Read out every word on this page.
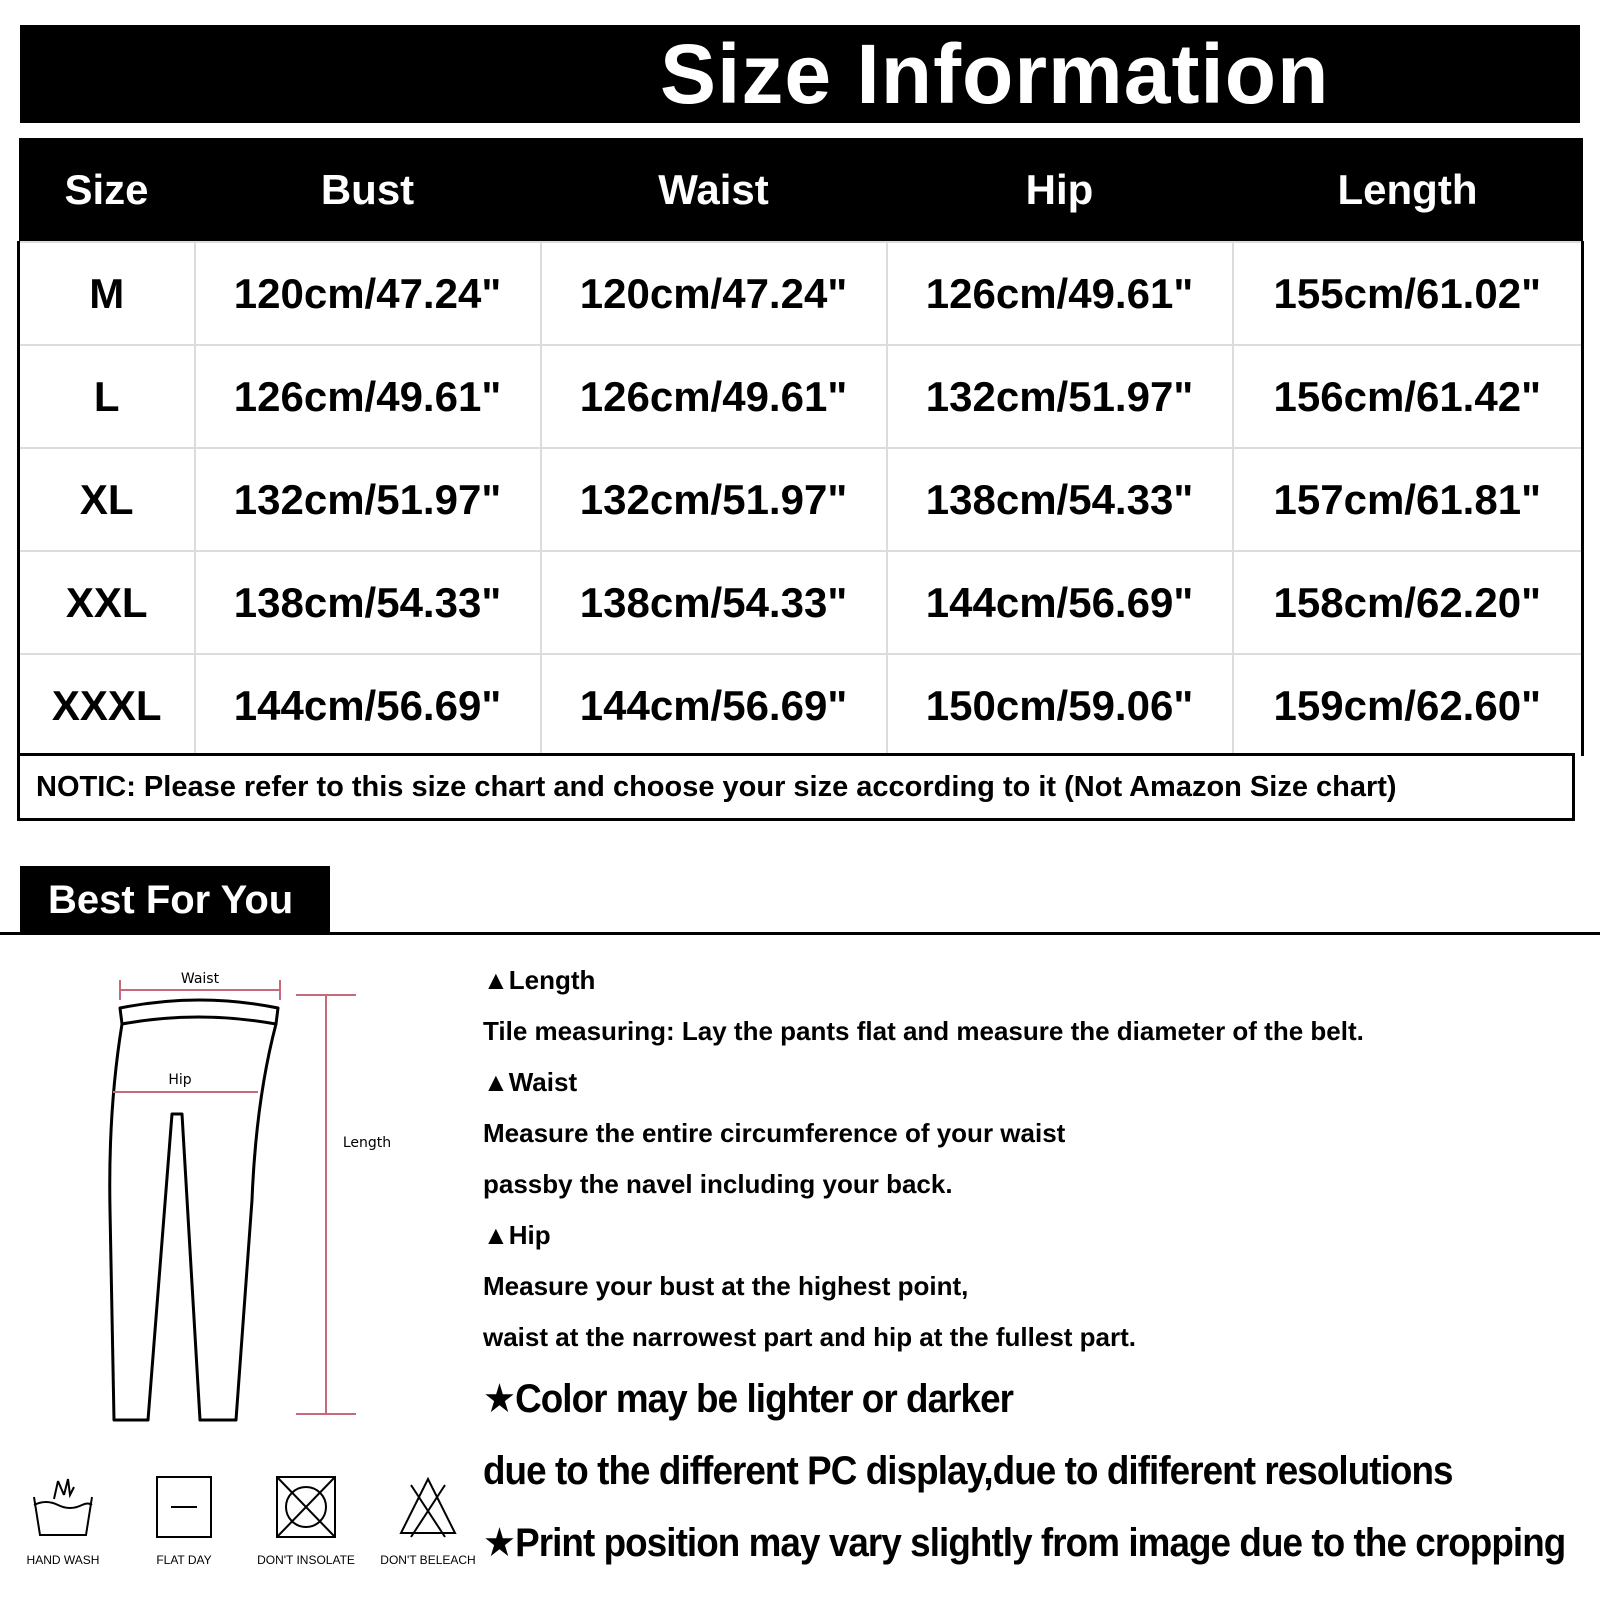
Size Information
Size	Bust	Waist	Hip	Length
M	120cm/47.24"	120cm/47.24"	126cm/49.61"	155cm/61.02"
L	126cm/49.61"	126cm/49.61"	132cm/51.97"	156cm/61.42"
XL	132cm/51.97"	132cm/51.97"	138cm/54.33"	157cm/61.81"
XXL	138cm/54.33"	138cm/54.33"	144cm/56.69"	158cm/62.20"
XXXL	144cm/56.69"	144cm/56.69"	150cm/59.06"	159cm/62.60"
NOTIC: Please refer to this size chart and choose your size according to it (Not Amazon Size chart)
Best For You
Waist
Hip
Length
▲Length
Tile measuring: Lay the pants flat and measure the diameter of the belt.
▲Waist
Measure the entire circumference of your waist
passby the navel including your back.
▲Hip
Measure your bust at the highest point,
waist at the narrowest part and hip at the fullest part.
★Color may be lighter or darker
due to the different PC display,due to dififerent resolutions
★Print position may vary slightly from image due to the cropping
HAND WASH	FLAT DAY	DON'T INSOLATE	DON'T BELEACH
